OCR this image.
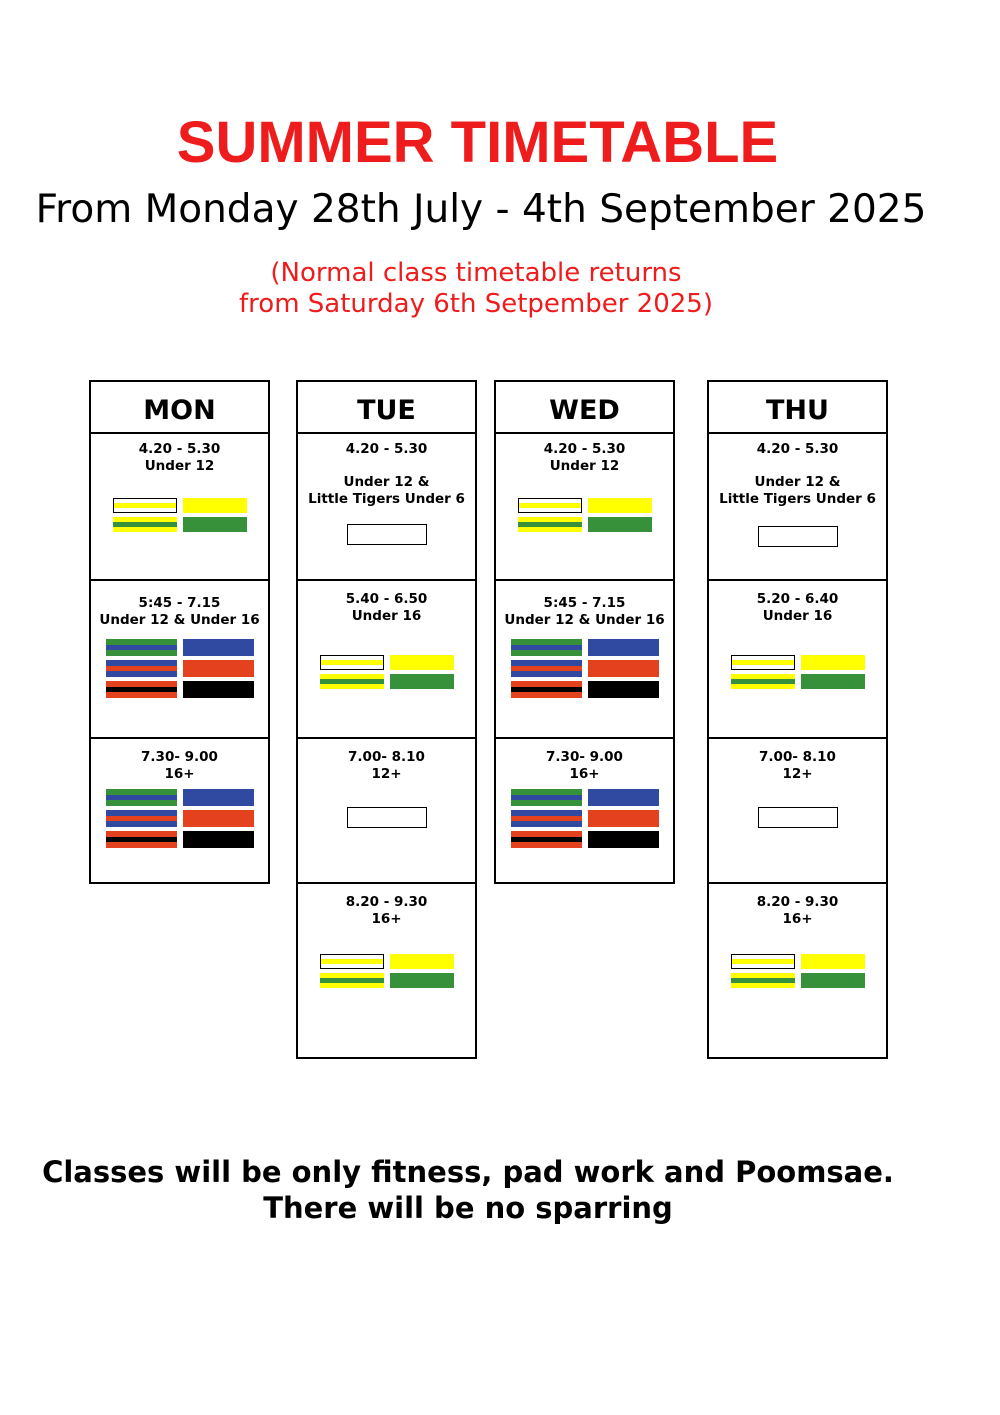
SUMMER TIMETABLE
From Monday 28th July - 4th September 2025
(Normal class timetable returns
from Saturday 6th Setpember 2025)
MON
4.20 - 5.30
Under 12
5:45 - 7.15
Under 12 & Under 16
7.30- 9.00
16+
TUE
4.20 - 5.30
Under 12 &
Little Tigers Under 6
5.40 - 6.50
Under 16
7.00- 8.10
12+
8.20 - 9.30
16+
WED
4.20 - 5.30
Under 12
5:45 - 7.15
Under 12 & Under 16
7.30- 9.00
16+
THU
4.20 - 5.30
Under 12 &
Little Tigers Under 6
5.20 - 6.40
Under 16
7.00- 8.10
12+
8.20 - 9.30
16+
Classes will be only fitness, pad work and Poomsae.
There will be no sparring
